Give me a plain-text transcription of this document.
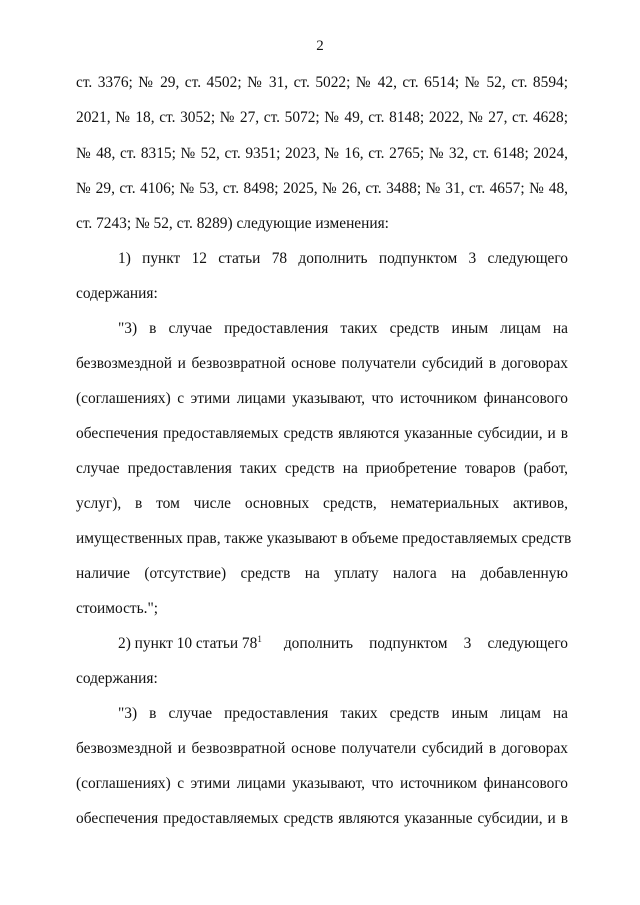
2
ст. 3376; № 29, ст. 4502; № 31, ст. 5022; № 42, ст. 6514; № 52, ст. 8594;
2021, № 18, ст. 3052; № 27, ст. 5072; № 49, ст. 8148; 2022, № 27, ст. 4628;
№ 48, ст. 8315; № 52, ст. 9351; 2023, № 16, ст. 2765; № 32, ст. 6148; 2024,
№ 29, ст. 4106; № 53, ст. 8498; 2025, № 26, ст. 3488; № 31, ст. 4657; № 48,
ст. 7243; № 52, ст. 8289) следующие изменения:
1) пункт 12 статьи 78 дополнить подпунктом 3 следующего
содержания:
"3) в случае предоставления таких средств иным лицам на
безвозмездной и безвозвратной основе получатели субсидий в договорах
(соглашениях) с этими лицами указывают, что источником финансового
обеспечения предоставляемых средств являются указанные субсидии, и в
случае предоставления таких средств на приобретение товаров (работ,
услуг), в том числе основных средств, нематериальных активов,
имущественных прав, также указывают в объеме предоставляемых средств
наличие (отсутствие) средств на уплату налога на добавленную
стоимость.";
2) пункт 10 статьи $78^1$ дополнить подпунктом 3 следующего
содержания:
"3) в случае предоставления таких средств иным лицам на
безвозмездной и безвозвратной основе получатели субсидий в договорах
(соглашениях) с этими лицами указывают, что источником финансового
обеспечения предоставляемых средств являются указанные субсидии, и в
